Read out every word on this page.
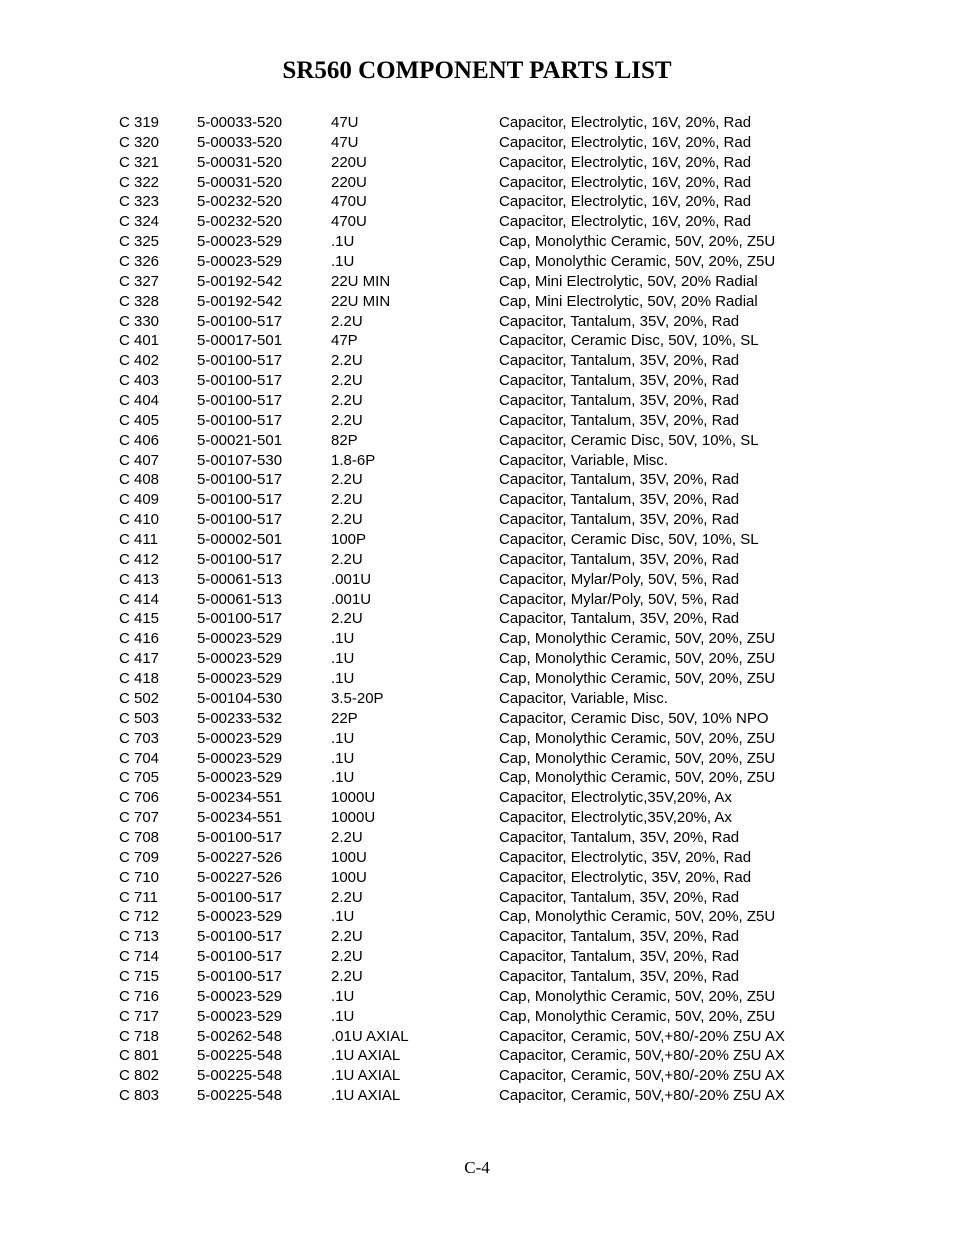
SR560 COMPONENT PARTS LIST
C 319	5-00033-520	47U	Capacitor, Electrolytic, 16V, 20%, Rad
C 320	5-00033-520	47U	Capacitor, Electrolytic, 16V, 20%, Rad
C 321	5-00031-520	220U	Capacitor, Electrolytic, 16V, 20%, Rad
C 322	5-00031-520	220U	Capacitor, Electrolytic, 16V, 20%, Rad
C 323	5-00232-520	470U	Capacitor, Electrolytic, 16V, 20%, Rad
C 324	5-00232-520	470U	Capacitor, Electrolytic, 16V, 20%, Rad
C 325	5-00023-529	.1U	Cap, Monolythic Ceramic, 50V, 20%, Z5U
C 326	5-00023-529	.1U	Cap, Monolythic Ceramic, 50V, 20%, Z5U
C 327	5-00192-542	22U MIN	Cap, Mini Electrolytic, 50V, 20% Radial
C 328	5-00192-542	22U MIN	Cap, Mini Electrolytic, 50V, 20% Radial
C 330	5-00100-517	2.2U	Capacitor, Tantalum, 35V, 20%, Rad
C 401	5-00017-501	47P	Capacitor, Ceramic Disc, 50V, 10%, SL
C 402	5-00100-517	2.2U	Capacitor, Tantalum, 35V, 20%, Rad
C 403	5-00100-517	2.2U	Capacitor, Tantalum, 35V, 20%, Rad
C 404	5-00100-517	2.2U	Capacitor, Tantalum, 35V, 20%, Rad
C 405	5-00100-517	2.2U	Capacitor, Tantalum, 35V, 20%, Rad
C 406	5-00021-501	82P	Capacitor, Ceramic Disc, 50V, 10%, SL
C 407	5-00107-530	1.8-6P	Capacitor, Variable, Misc.
C 408	5-00100-517	2.2U	Capacitor, Tantalum, 35V, 20%, Rad
C 409	5-00100-517	2.2U	Capacitor, Tantalum, 35V, 20%, Rad
C 410	5-00100-517	2.2U	Capacitor, Tantalum, 35V, 20%, Rad
C 411	5-00002-501	100P	Capacitor, Ceramic Disc, 50V, 10%, SL
C 412	5-00100-517	2.2U	Capacitor, Tantalum, 35V, 20%, Rad
C 413	5-00061-513	.001U	Capacitor, Mylar/Poly, 50V, 5%, Rad
C 414	5-00061-513	.001U	Capacitor, Mylar/Poly, 50V, 5%, Rad
C 415	5-00100-517	2.2U	Capacitor, Tantalum, 35V, 20%, Rad
C 416	5-00023-529	.1U	Cap, Monolythic Ceramic, 50V, 20%, Z5U
C 417	5-00023-529	.1U	Cap, Monolythic Ceramic, 50V, 20%, Z5U
C 418	5-00023-529	.1U	Cap, Monolythic Ceramic, 50V, 20%, Z5U
C 502	5-00104-530	3.5-20P	Capacitor, Variable, Misc.
C 503	5-00233-532	22P	Capacitor, Ceramic Disc, 50V, 10% NPO
C 703	5-00023-529	.1U	Cap, Monolythic Ceramic, 50V, 20%, Z5U
C 704	5-00023-529	.1U	Cap, Monolythic Ceramic, 50V, 20%, Z5U
C 705	5-00023-529	.1U	Cap, Monolythic Ceramic, 50V, 20%, Z5U
C 706	5-00234-551	1000U	Capacitor, Electrolytic,35V,20%, Ax
C 707	5-00234-551	1000U	Capacitor, Electrolytic,35V,20%, Ax
C 708	5-00100-517	2.2U	Capacitor, Tantalum, 35V, 20%, Rad
C 709	5-00227-526	100U	Capacitor, Electrolytic, 35V, 20%, Rad
C 710	5-00227-526	100U	Capacitor, Electrolytic, 35V, 20%, Rad
C 711	5-00100-517	2.2U	Capacitor, Tantalum, 35V, 20%, Rad
C 712	5-00023-529	.1U	Cap, Monolythic Ceramic, 50V, 20%, Z5U
C 713	5-00100-517	2.2U	Capacitor, Tantalum, 35V, 20%, Rad
C 714	5-00100-517	2.2U	Capacitor, Tantalum, 35V, 20%, Rad
C 715	5-00100-517	2.2U	Capacitor, Tantalum, 35V, 20%, Rad
C 716	5-00023-529	.1U	Cap, Monolythic Ceramic, 50V, 20%, Z5U
C 717	5-00023-529	.1U	Cap, Monolythic Ceramic, 50V, 20%, Z5U
C 718	5-00262-548	.01U AXIAL	Capacitor, Ceramic, 50V,+80/-20% Z5U AX
C 801	5-00225-548	.1U AXIAL	Capacitor, Ceramic, 50V,+80/-20% Z5U AX
C 802	5-00225-548	.1U AXIAL	Capacitor, Ceramic, 50V,+80/-20% Z5U AX
C 803	5-00225-548	.1U AXIAL	Capacitor, Ceramic, 50V,+80/-20% Z5U AX
C-4
